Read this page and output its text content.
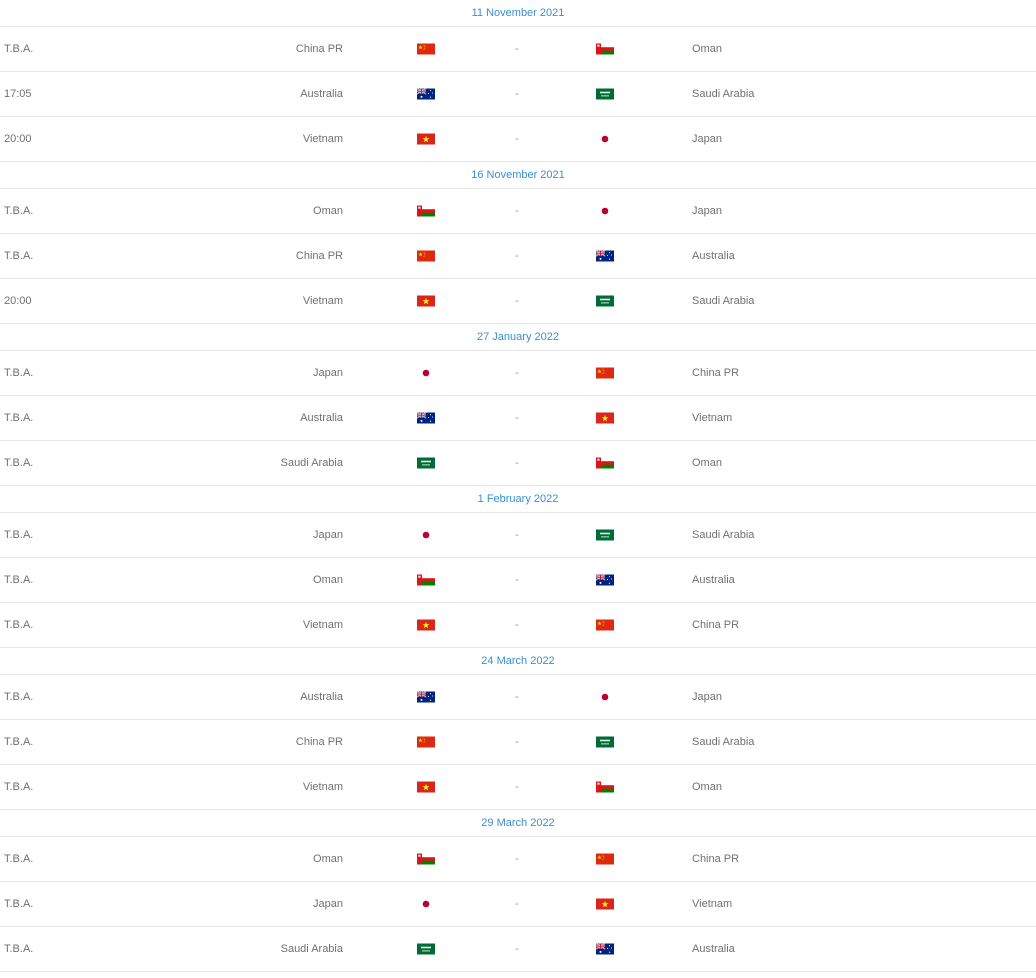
11 November 2021
T.B.A.	China PR	-	Oman
17:05	Australia	-	Saudi Arabia
20:00	Vietnam	-	Japan
16 November 2021
T.B.A.	Oman	-	Japan
T.B.A.	China PR	-	Australia
20:00	Vietnam	-	Saudi Arabia
27 January 2022
T.B.A.	Japan	-	China PR
T.B.A.	Australia	-	Vietnam
T.B.A.	Saudi Arabia	-	Oman
1 February 2022
T.B.A.	Japan	-	Saudi Arabia
T.B.A.	Oman	-	Australia
T.B.A.	Vietnam	-	China PR
24 March 2022
T.B.A.	Australia	-	Japan
T.B.A.	China PR	-	Saudi Arabia
T.B.A.	Vietnam	-	Oman
29 March 2022
T.B.A.	Oman	-	China PR
T.B.A.	Japan	-	Vietnam
T.B.A.	Saudi Arabia	-	Australia
